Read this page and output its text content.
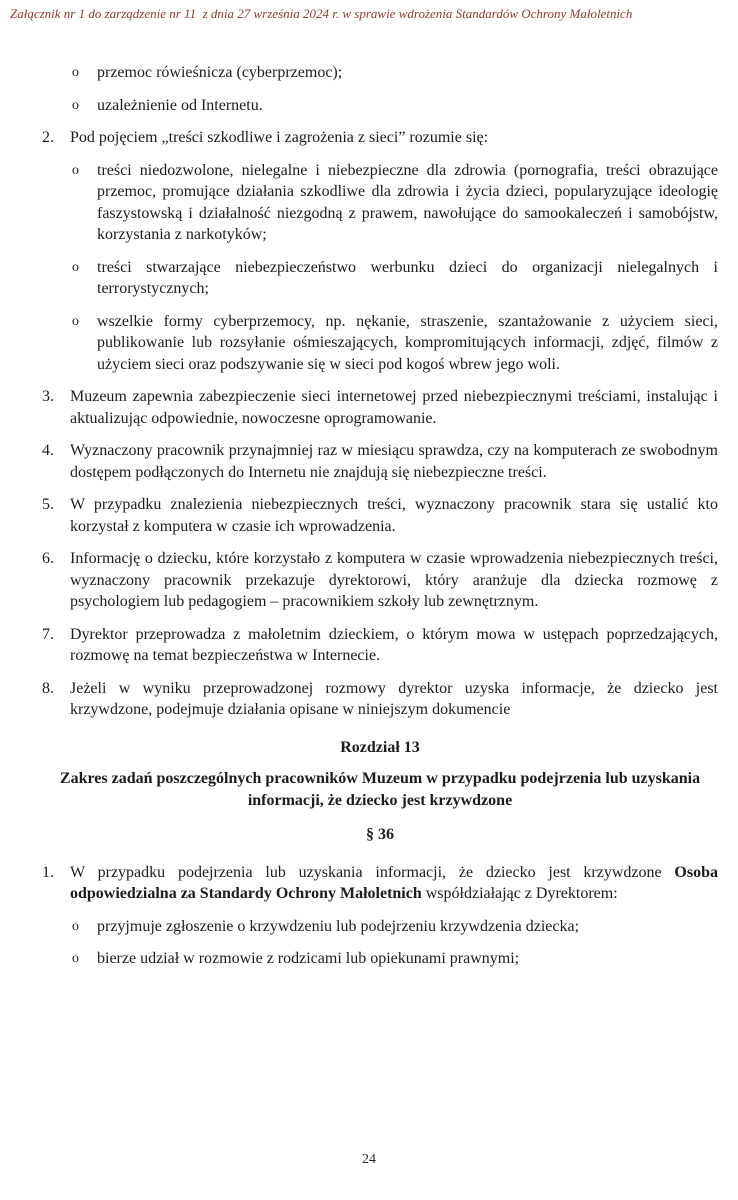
Załącznik nr 1 do zarządzenie nr 11  z dnia 27 września 2024 r. w sprawie wdrożenia Standardów Ochrony Małoletnich
o	przemoc rówieśnicza (cyberprzemoc);
o	uzależnienie od Internetu.
2.	Pod pojęciem „treści szkodliwe i zagrożenia z sieci” rozumie się:
o	treści niedozwolone, nielegalne i niebezpieczne dla zdrowia (pornografia, treści obrazujące przemoc, promujące działania szkodliwe dla zdrowia i życia dzieci, popularyzujące ideologię faszystowską i działalność niezgodną z prawem, nawołujące do samookaleczeń i samobójstw, korzystania z narkotyków;
o	treści stwarzające niebezpieczeństwo werbunku dzieci do organizacji nielegalnych i terrorystycznych;
o	wszelkie formy cyberprzemocy, np. nękanie, straszenie, szantażowanie z użyciem sieci, publikowanie lub rozsyłanie ośmieszających, kompromitujących informacji, zdjęć, filmów z użyciem sieci oraz podszywanie się w sieci pod kogoś wbrew jego woli.
3.	Muzeum zapewnia zabezpieczenie sieci internetowej przed niebezpiecznymi treściami, instalując i aktualizując odpowiednie, nowoczesne oprogramowanie.
4.	Wyznaczony pracownik przynajmniej raz w miesiącu sprawdza, czy na komputerach ze swobodnym dostępem podłączonych do Internetu nie znajdują się niebezpieczne treści.
5.	W przypadku znalezienia niebezpiecznych treści, wyznaczony pracownik stara się ustalić kto korzystał z komputera w czasie ich wprowadzenia.
6.	Informację o dziecku, które korzystało z komputera w czasie wprowadzenia niebezpiecznych treści, wyznaczony pracownik przekazuje dyrektorowi, który aranżuje dla dziecka rozmowę z psychologiem lub pedagogiem – pracownikiem szkoły lub zewnętrznym.
7.	Dyrektor przeprowadza z małoletnim dzieckiem, o którym mowa w ustępach poprzedzających, rozmowę na temat bezpieczeństwa w Internecie.
8.	Jeżeli w wyniku przeprowadzonej rozmowy dyrektor uzyska informacje, że dziecko jest krzywdzone, podejmuje działania opisane w niniejszym dokumencie
Rozdział 13
Zakres zadań poszczególnych pracowników Muzeum w przypadku podejrzenia lub uzyskania informacji, że dziecko jest krzywdzone
§ 36
1.	W przypadku podejrzenia lub uzyskania informacji, że dziecko jest krzywdzone Osoba odpowiedzialna za Standardy Ochrony Małoletnich współdziałając z Dyrektorem:
o	przyjmuje zgłoszenie o krzywdzeniu lub podejrzeniu krzywdzenia dziecka;
o	bierze udział w rozmowie z rodzicami lub opiekunami prawnymi;
24
